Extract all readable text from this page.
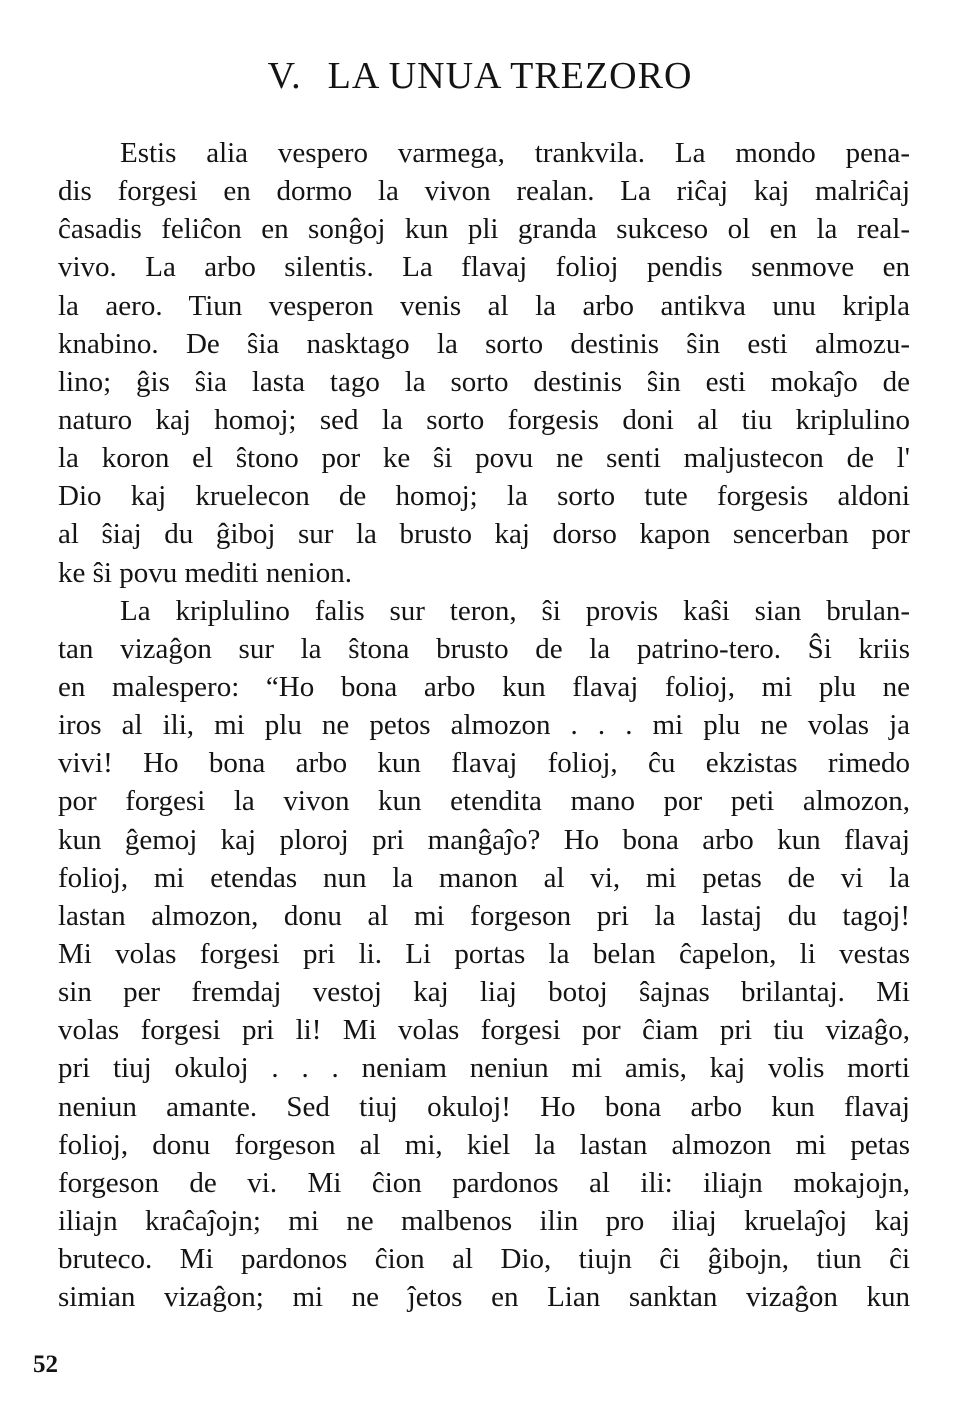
V. LA UNUA TREZORO
Estis alia vespero varmega, trankvila. La mondo pena-
dis forgesi en dormo la vivon realan. La riĉaj kaj malriĉaj
ĉasadis feliĉon en sonĝoj kun pli granda sukceso ol en la real-
vivo. La arbo silentis. La flavaj folioj pendis senmove en
la aero. Tiun vesperon venis al la arbo antikva unu kripla
knabino. De ŝia nasktago la sorto destinis ŝin esti almozu-
lino; ĝis ŝia lasta tago la sorto destinis ŝin esti mokaĵo de
naturo kaj homoj; sed la sorto forgesis doni al tiu kriplulino
la koron el ŝtono por ke ŝi povu ne senti maljustecon de l'
Dio kaj kruelecon de homoj; la sorto tute forgesis aldoni
al ŝiaj du ĝiboj sur la brusto kaj dorso kapon sencerban por
ke ŝi povu mediti nenion.
La kriplulino falis sur teron, ŝi provis kaŝi sian brulan-
tan vizaĝon sur la ŝtona brusto de la patrino-tero. Ŝi kriis
en malespero: “Ho bona arbo kun flavaj folioj, mi plu ne
iros al ili, mi plu ne petos almozon . . . mi plu ne volas ja
vivi! Ho bona arbo kun flavaj folioj, ĉu ekzistas rimedo
por forgesi la vivon kun etendita mano por peti almozon,
kun ĝemoj kaj ploroj pri manĝaĵo? Ho bona arbo kun flavaj
folioj, mi etendas nun la manon al vi, mi petas de vi la
lastan almozon, donu al mi forgeson pri la lastaj du tagoj!
Mi volas forgesi pri li. Li portas la belan ĉapelon, li vestas
sin per fremdaj vestoj kaj liaj botoj ŝajnas brilantaj. Mi
volas forgesi pri li! Mi volas forgesi por ĉiam pri tiu vizaĝo,
pri tiuj okuloj . . . neniam neniun mi amis, kaj volis morti
neniun amante. Sed tiuj okuloj! Ho bona arbo kun flavaj
folioj, donu forgeson al mi, kiel la lastan almozon mi petas
forgeson de vi. Mi ĉion pardonos al ili: iliajn mokajojn,
iliajn kraĉaĵojn; mi ne malbenos ilin pro iliaj kruelaĵoj kaj
bruteco. Mi pardonos ĉion al Dio, tiujn ĉi ĝibojn, tiun ĉi
simian vizaĝon; mi ne ĵetos en Lian sanktan vizaĝon kun
52
